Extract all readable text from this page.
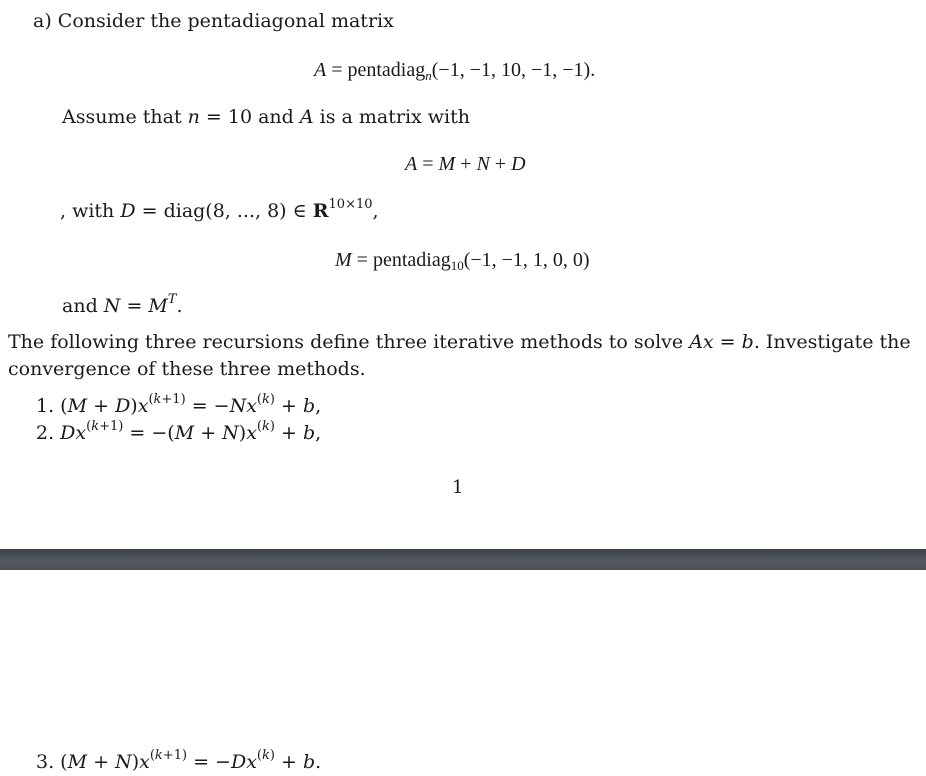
a) Consider the pentadiagonal matrix
A = pentadiag$_n$(−1, −1, 10, −1, −1).
Assume that n = 10 and A is a matrix with
A = M + N + D
, with D = diag(8, ..., 8) ∈ $R^{10\times 10}$,
M = pentadiag$_{10}$(−1, −1, 1, 0, 0)
and $N = M^T$.
The following three recursions define three iterative methods to solve Ax = b. Investigate the convergence of these three methods.
1. $(M + D)x^{(k+1)} = -Nx^{(k)} + b$,
2. $Dx^{(k+1)} = -(M + N)x^{(k)} + b$,
1
3. $(M + N)x^{(k+1)} = -Dx^{(k)} + b$.
